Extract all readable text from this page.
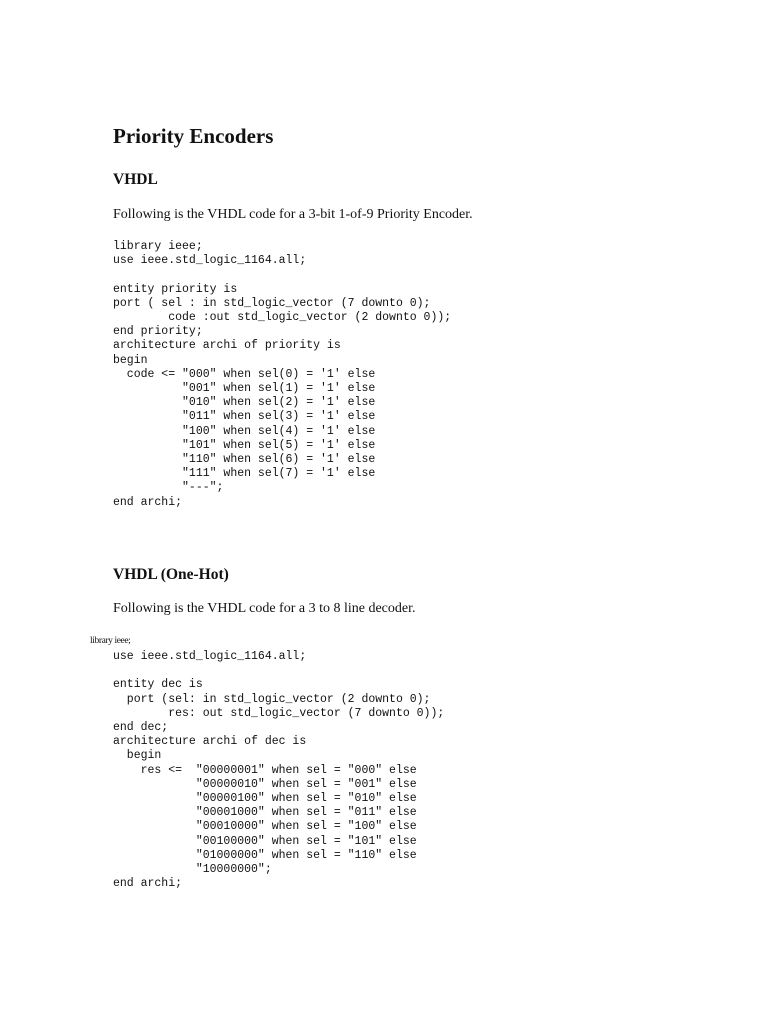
Priority Encoders
VHDL

Following is the VHDL code for a 3-bit 1-of-9 Priority Encoder.

library ieee;
use ieee.std_logic_1164.all;

entity priority is
port ( sel : in std_logic_vector (7 downto 0);
code :out std_logic_vector (2 downto 0));
end priority;
architecture archi of priority is
begin
code <= "000" when sel(0) = '1' else
"001" when sel(1) = '1' else
"010" when sel(2) = '1' else
"011" when sel(3) = '1' else
"100" when sel(4) = '1' else
"101" when sel(5) = '1' else
"110" when sel(6) = '1' else
"111" when sel(7) = '1' else
"---";
end archi;
VHDL (One-Hot)

Following is the VHDL code for a 3 to 8 line decoder.

library ieee;

use ieee.std_logic_1164.all;

entity dec is
port (sel: in std_logic_vector (2 downto 0);
res: out std_logic_vector (7 downto 0));
end dec;
architecture archi of dec is
begin
res <=  "00000001" when sel = "000" else
"00000010" when sel = "001" else
"00000100" when sel = "010" else
"00001000" when sel = "011" else
"00010000" when sel = "100" else
"00100000" when sel = "101" else
"01000000" when sel = "110" else
"10000000";
end archi;
